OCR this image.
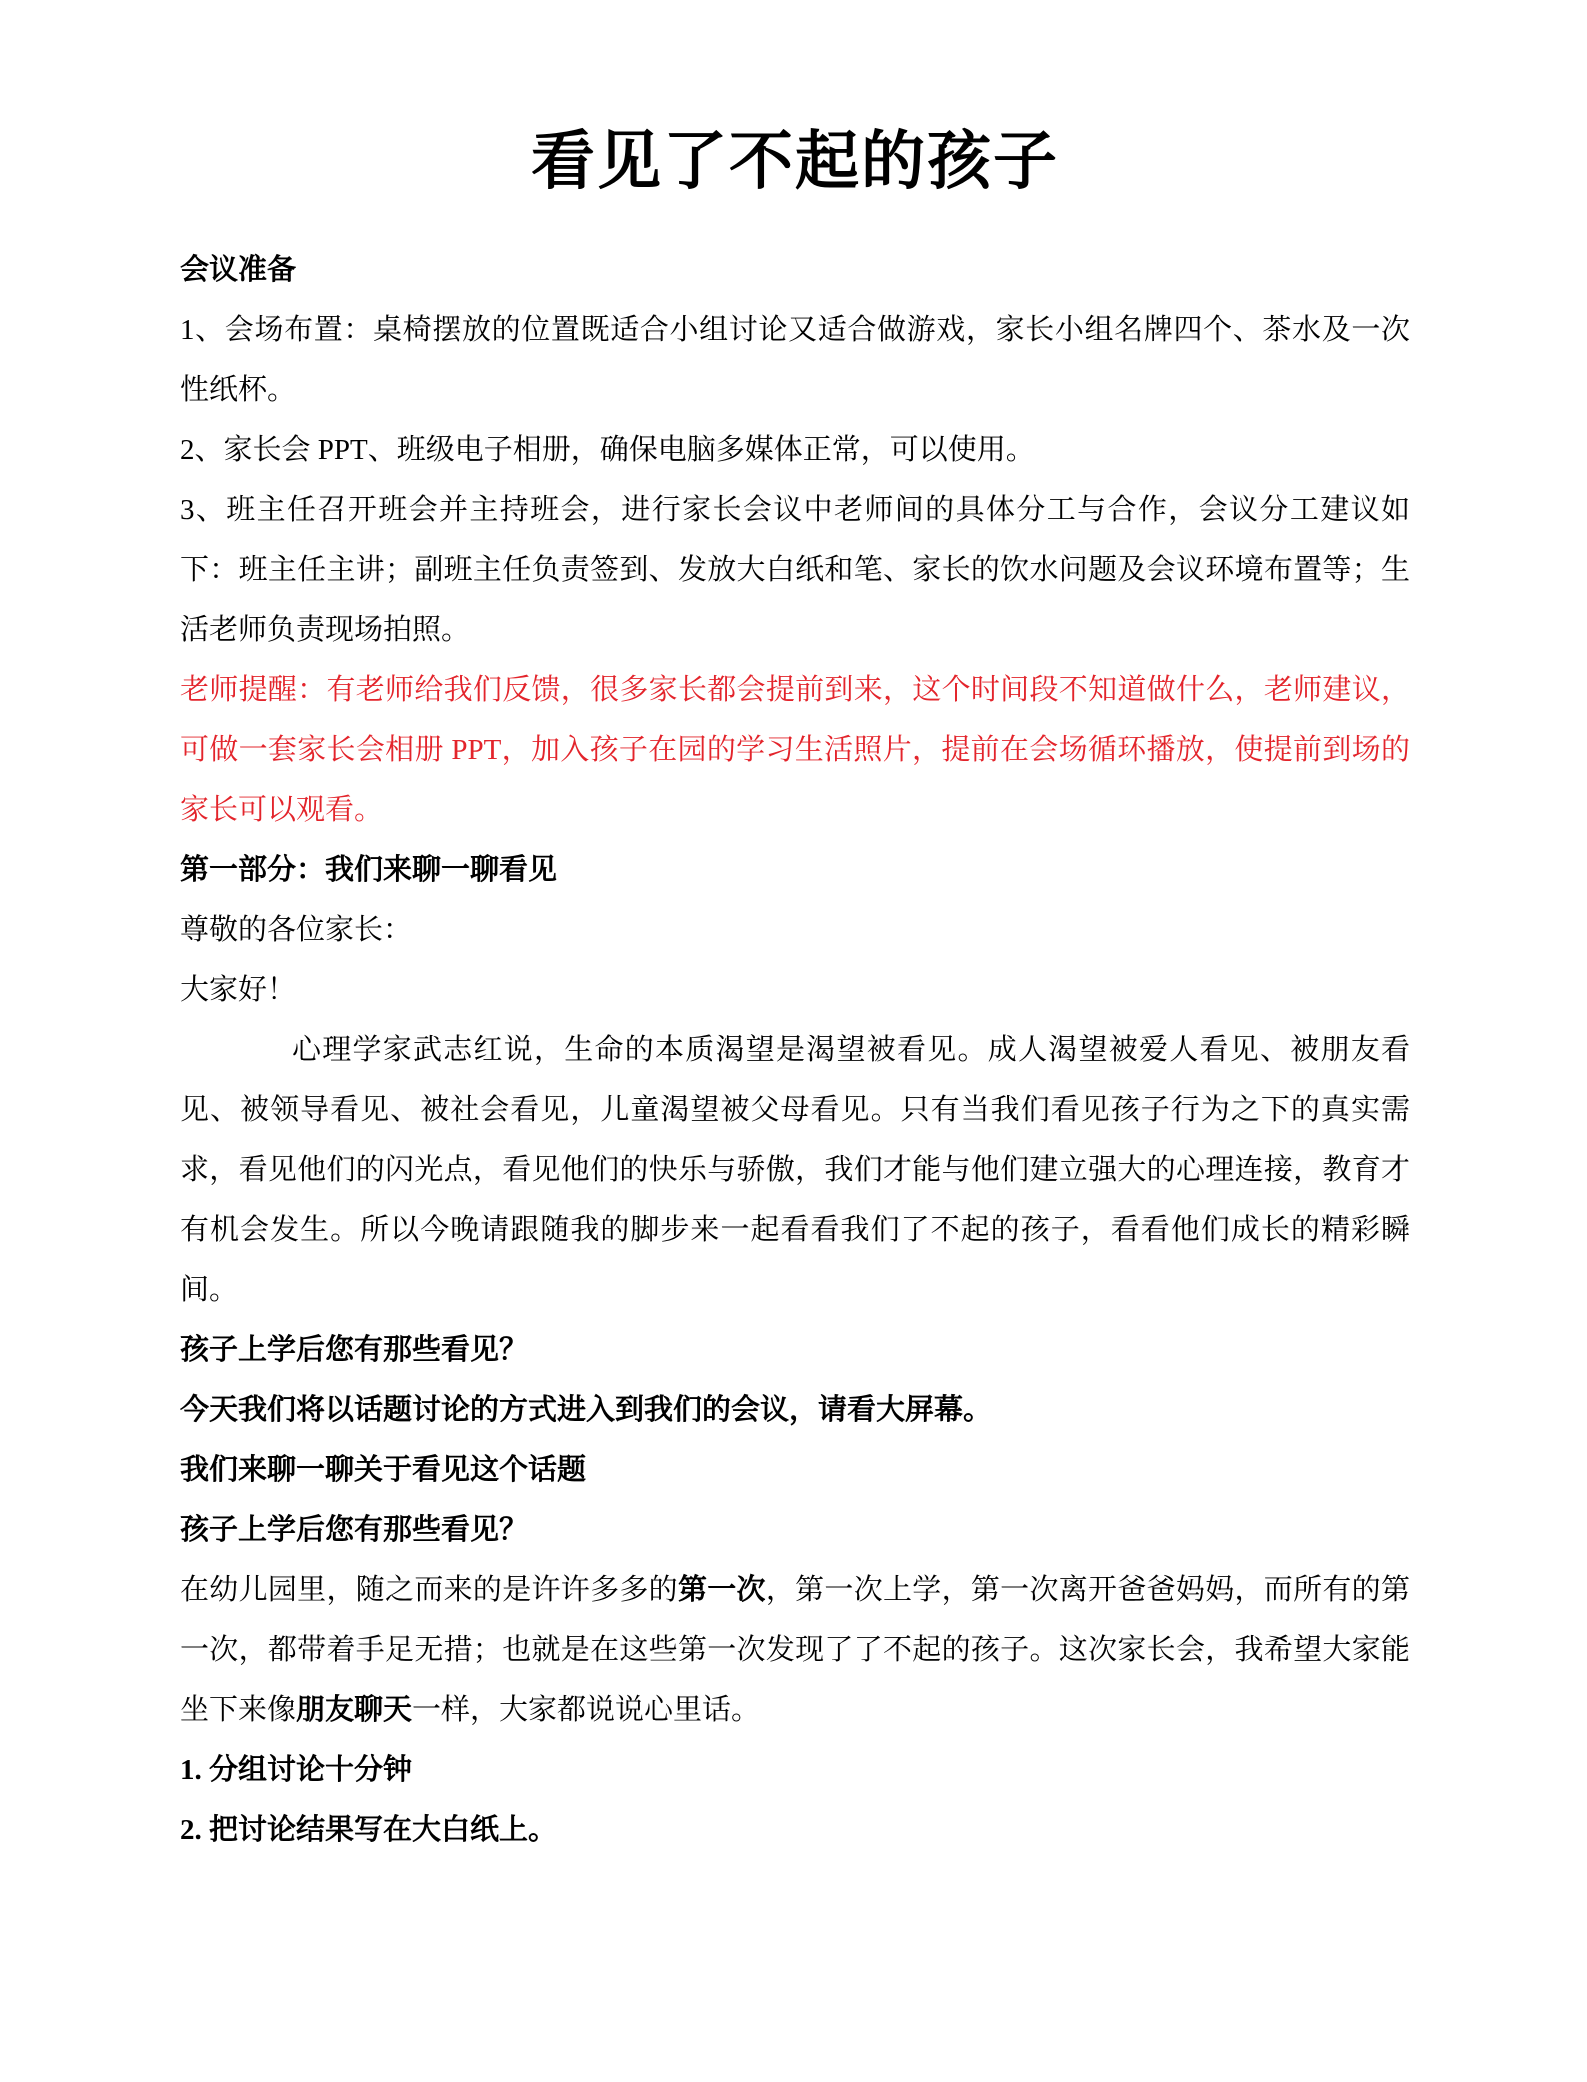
看见了不起的孩子

会议准备

1、会场布置：桌椅摆放的位置既适合小组讨论又适合做游戏，家长小组名牌四个、茶水及一次性纸杯。

2、家长会 PPT、班级电子相册，确保电脑多媒体正常，可以使用。

3、班主任召开班会并主持班会，进行家长会议中老师间的具体分工与合作，会议分工建议如下：班主任主讲；副班主任负责签到、发放大白纸和笔、家长的饮水问题及会议环境布置等；生活老师负责现场拍照。

老师提醒：有老师给我们反馈，很多家长都会提前到来，这个时间段不知道做什么，老师建议，可做一套家长会相册 PPT，加入孩子在园的学习生活照片，提前在会场循环播放，使提前到场的家长可以观看。

第一部分：我们来聊一聊看见

尊敬的各位家长：

大家好！

心理学家武志红说，生命的本质渴望是渴望被看见。成人渴望被爱人看见、被朋友看见、被领导看见、被社会看见，儿童渴望被父母看见。只有当我们看见孩子行为之下的真实需求，看见他们的闪光点，看见他们的快乐与骄傲，我们才能与他们建立强大的心理连接，教育才有机会发生。所以今晚请跟随我的脚步来一起看看我们了不起的孩子，看看他们成长的精彩瞬间。

孩子上学后您有那些看见？

今天我们将以话题讨论的方式进入到我们的会议，请看大屏幕。

我们来聊一聊关于看见这个话题

孩子上学后您有那些看见？

在幼儿园里，随之而来的是许许多多的第一次，第一次上学，第一次离开爸爸妈妈，而所有的第一次，都带着手足无措；也就是在这些第一次发现了了不起的孩子。这次家长会，我希望大家能坐下来像朋友聊天一样，大家都说说心里话。

1. 分组讨论十分钟

2. 把讨论结果写在大白纸上。
